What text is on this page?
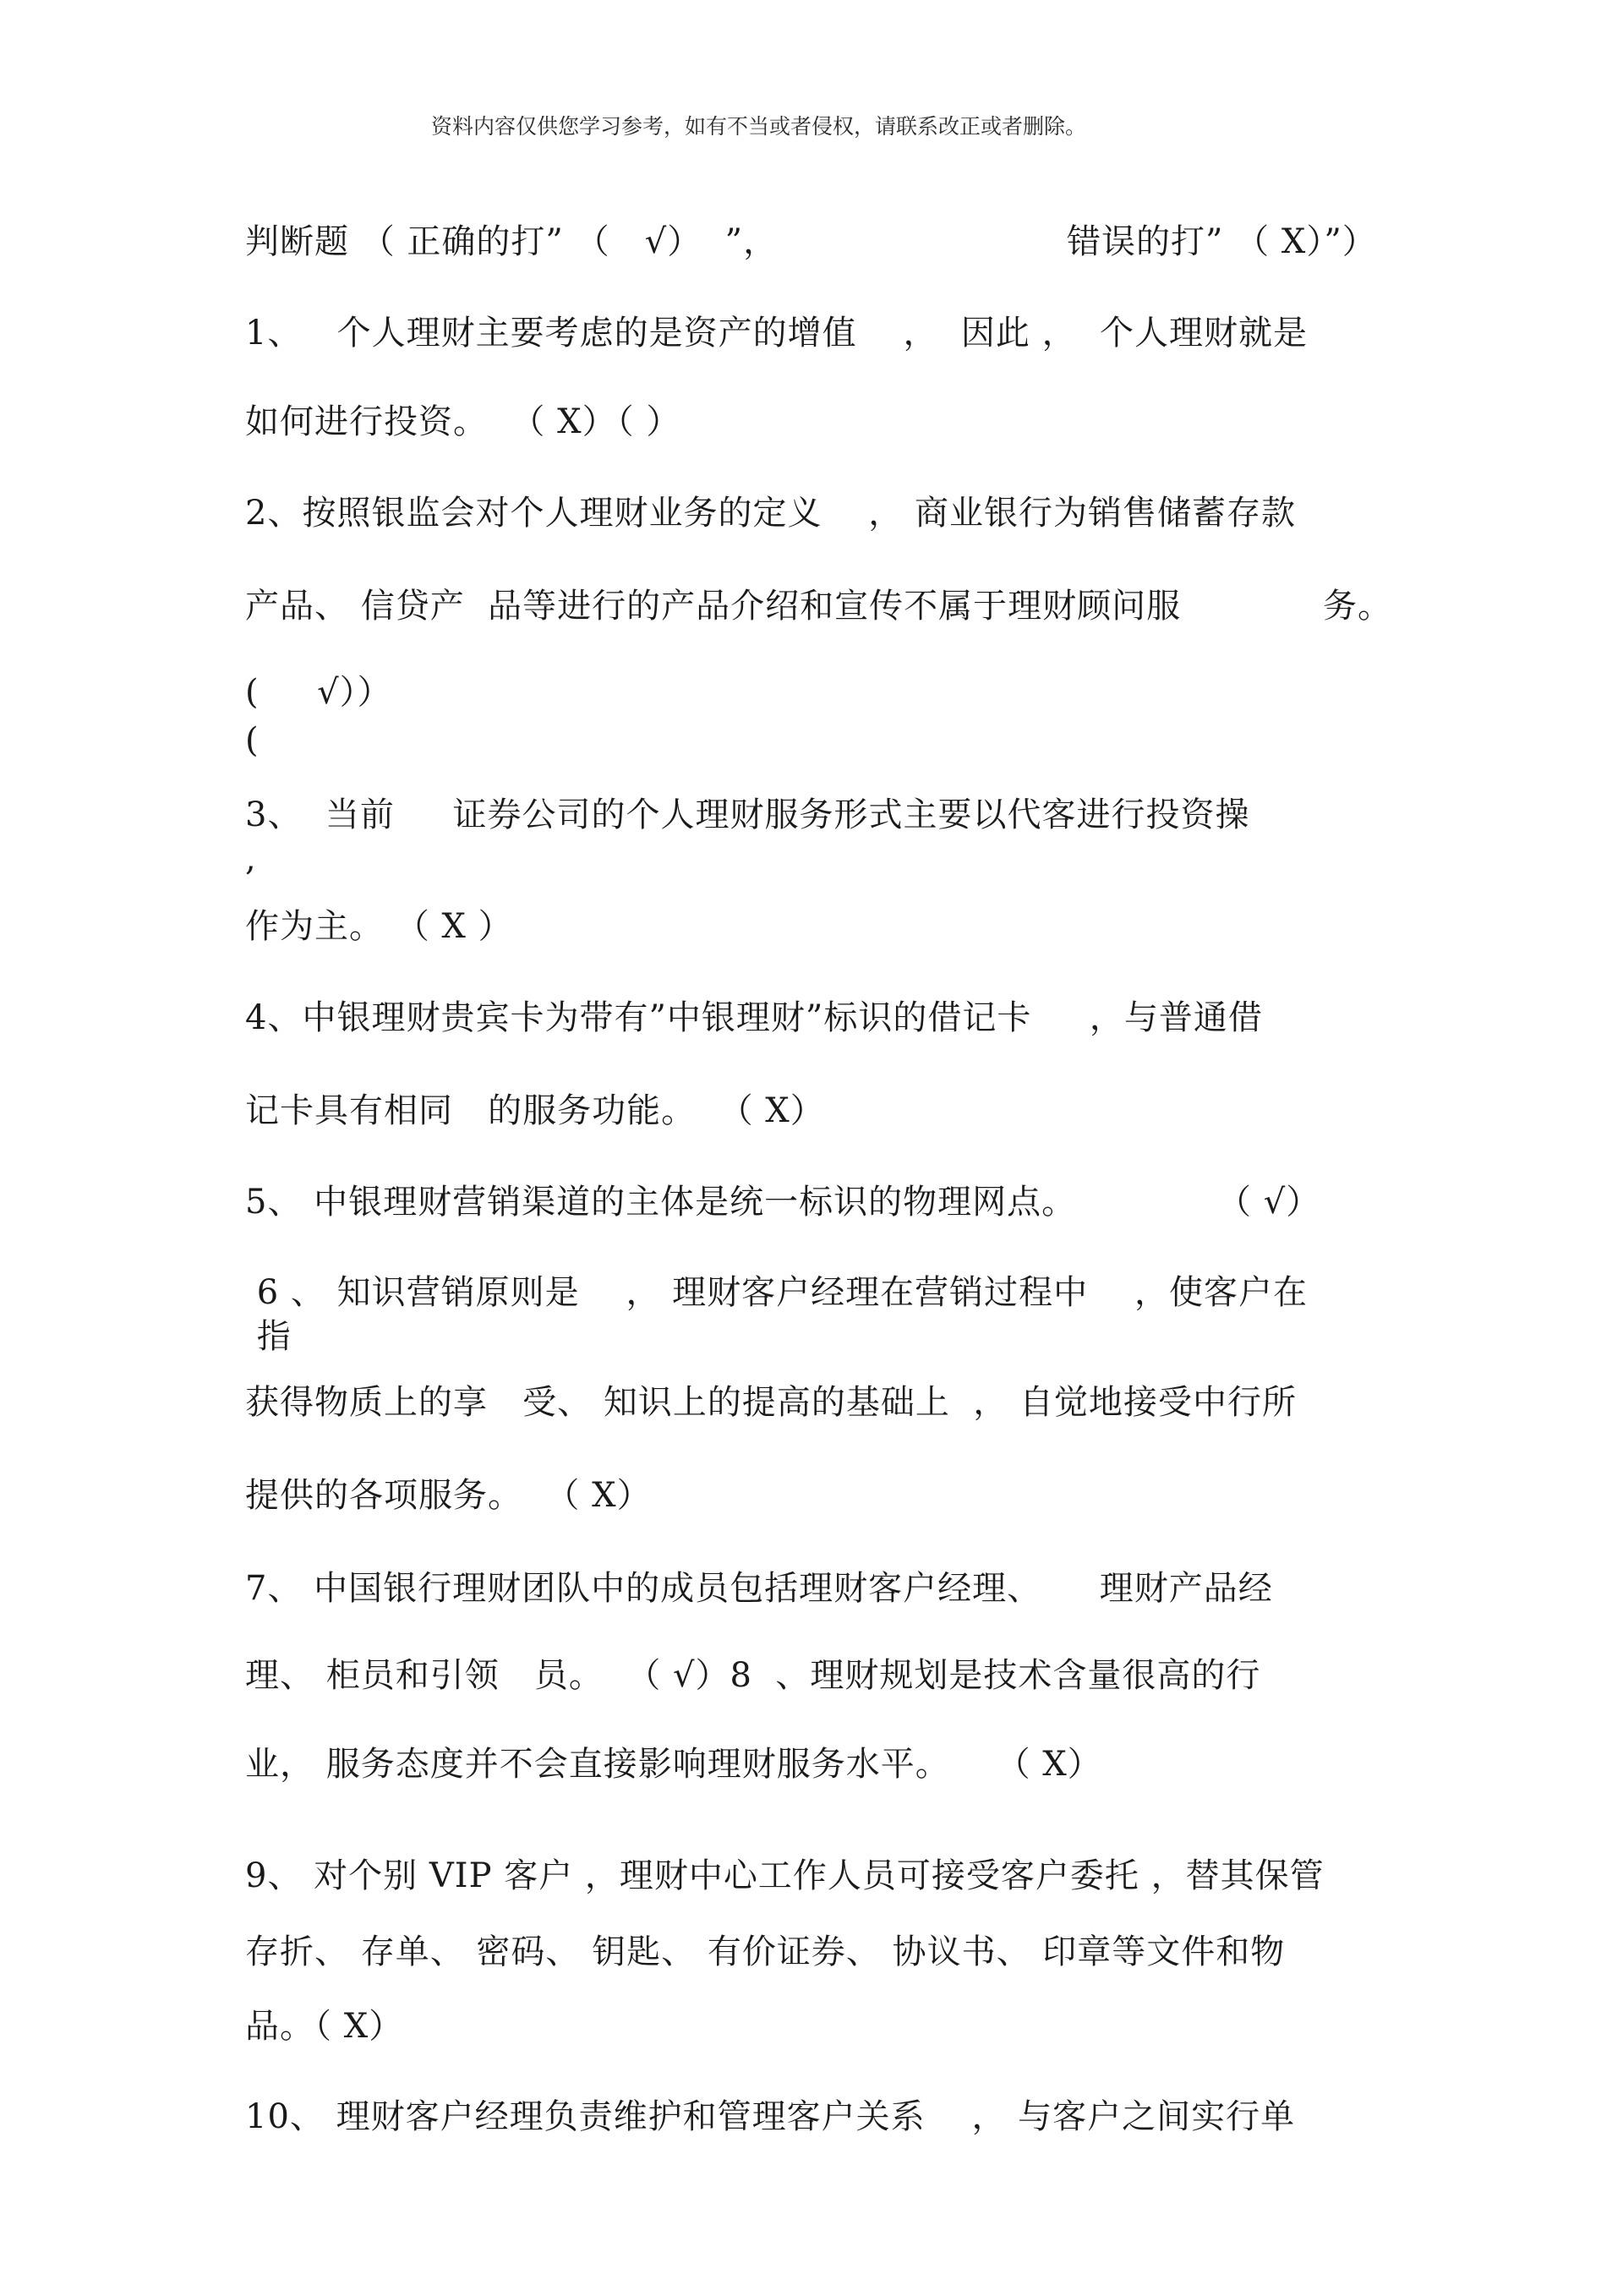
资料内容仅供您学习参考，如有不当或者侵权，请联系改正或者删除。
判断题 （ 正确的打” （   √）  ”，	错误的打” （ X）”）
1、   个人理财主要考虑的是资产的增值    ，  因此 ，  个人理财就是
如何进行投资。  （ X）（ ）
2、按照银监会对个人理财业务的定义    ， 商业银行为销售储蓄存款
产品、 信贷产  品等进行的产品介绍和宣传不属于理财顾问服	务。
(     √））
(
3、  当前     证券公司的个人理财服务形式主要以代客进行投资操
,
作为主。 （ X ）
4、中银理财贵宾卡为带有”中银理财”标识的借记卡     ，与普通借
记卡具有相同   的服务功能。  （ X）
5、 中银理财营销渠道的主体是统一标识的物理网点。	（ √）
6 、 知识营销原则是    ， 理财客户经理在营销过程中    ，使客户在
指
获得物质上的享   受、 知识上的提高的基础上  ， 自觉地接受中行所
提供的各项服务。  （ X）
7、 中国银行理财团队中的成员包括理财客户经理、     理财产品经
理、 柜员和引领   员。  （ √）8  、理财规划是技术含量很高的行
业， 服务态度并不会直接影响理财服务水平。    （ X）
9、 对个别 VIP 客户 ，理财中心工作人员可接受客户委托 ，替其保管
存折、 存单、 密码、 钥匙、 有价证券、 协议书、 印章等文件和物
品。（ X）
10、 理财客户经理负责维护和管理客户关系    ， 与客户之间实行单
